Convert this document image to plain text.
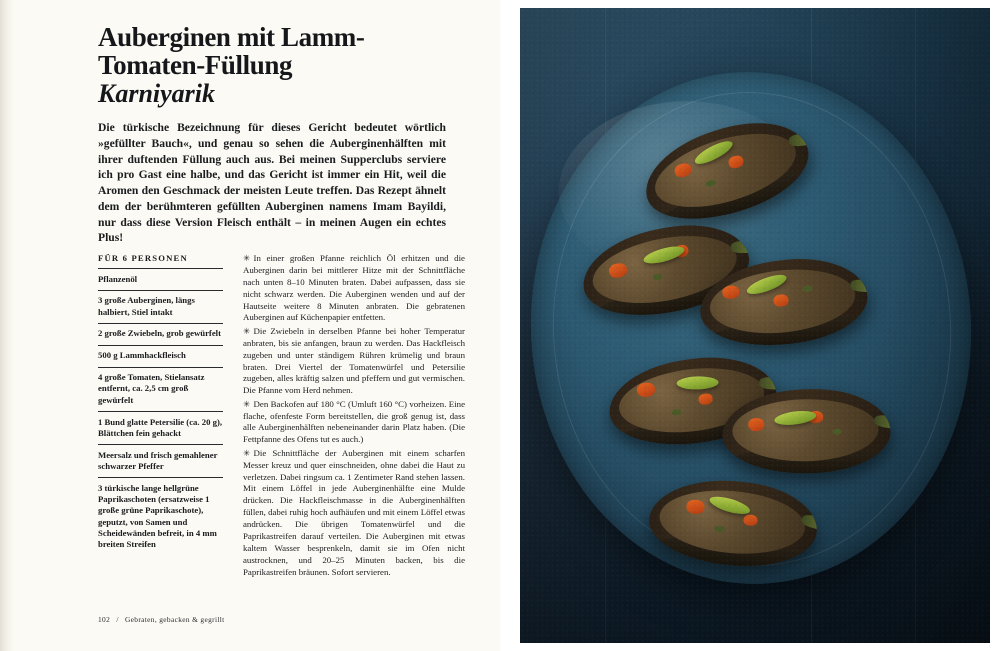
Auberginen mit Lamm-
Tomaten-Füllung
Karniyarik

Die türkische Bezeichnung für dieses Gericht bedeutet wörtlich »gefüllter Bauch«, und genau so sehen die Auberginenhälften mit ihrer duftenden Füllung auch aus. Bei meinen Supperclubs serviere ich pro Gast eine halbe, und das Gericht ist immer ein Hit, weil die Aromen den Geschmack der meisten Leute treffen. Das Rezept ähnelt dem der berühmteren gefüllten Auberginen namens Imam Bayildi, nur dass diese Version Fleisch enthält – in meinen Augen ein echtes Plus!

FÜR 6 PERSONEN
Pflanzenöl
3 große Auberginen, längs halbiert, Stiel intakt
2 große Zwiebeln, grob gewürfelt
500 g Lammhackfleisch
4 große Tomaten, Stielansatz entfernt, ca. 2,5 cm groß gewürfelt
1 Bund glatte Petersilie (ca. 20 g), Blättchen fein gehackt
Meersalz und frisch gemahlener schwarzer Pfeffer
3 türkische lange hellgrüne Paprikaschoten (ersatzweise 1 große grüne Paprikaschote), geputzt, von Samen und Scheidewänden befreit, in 4 mm breiten Streifen

✳ In einer großen Pfanne reichlich Öl erhitzen und die Auberginen darin bei mittlerer Hitze mit der Schnittfläche nach unten 8–10 Minuten braten. Dabei aufpassen, dass sie nicht schwarz werden. Die Auberginen wenden und auf der Hautseite weitere 8 Minuten anbraten. Die gebratenen Auberginen auf Küchenpapier entfetten.

✳ Die Zwiebeln in derselben Pfanne bei hoher Temperatur anbraten, bis sie anfangen, braun zu werden. Das Hackfleisch zugeben und unter ständigem Rühren krümelig und braun braten. Drei Viertel der Tomatenwürfel und Petersilie zugeben, alles kräftig salzen und pfeffern und gut vermischen. Die Pfanne vom Herd nehmen.

✳ Den Backofen auf 180 °C (Umluft 160 °C) vorheizen. Eine flache, ofenfeste Form bereitstellen, die groß genug ist, dass alle Auberginenhälften nebeneinander darin Platz haben. (Die Fettpfanne des Ofens tut es auch.)

✳ Die Schnittfläche der Auberginen mit einem scharfen Messer kreuz und quer einschneiden, ohne dabei die Haut zu verletzen. Dabei ringsum ca. 1 Zentimeter Rand stehen lassen. Mit einem Löffel in jede Auberginenhälfte eine Mulde drücken. Die Hackfleischmasse in die Auberginenhälften füllen, dabei ruhig hoch aufhäufen und mit einem Löffel etwas andrücken. Die übrigen Tomatenwürfel und die Paprikastreifen darauf verteilen. Die Auberginen mit etwas kaltem Wasser besprenkeln, damit sie im Ofen nicht austrocknen, und 20–25 Minuten backen, bis die Paprikastreifen bräunen. Sofort servieren.

102 / Gebraten, gebacken & gegrillt
